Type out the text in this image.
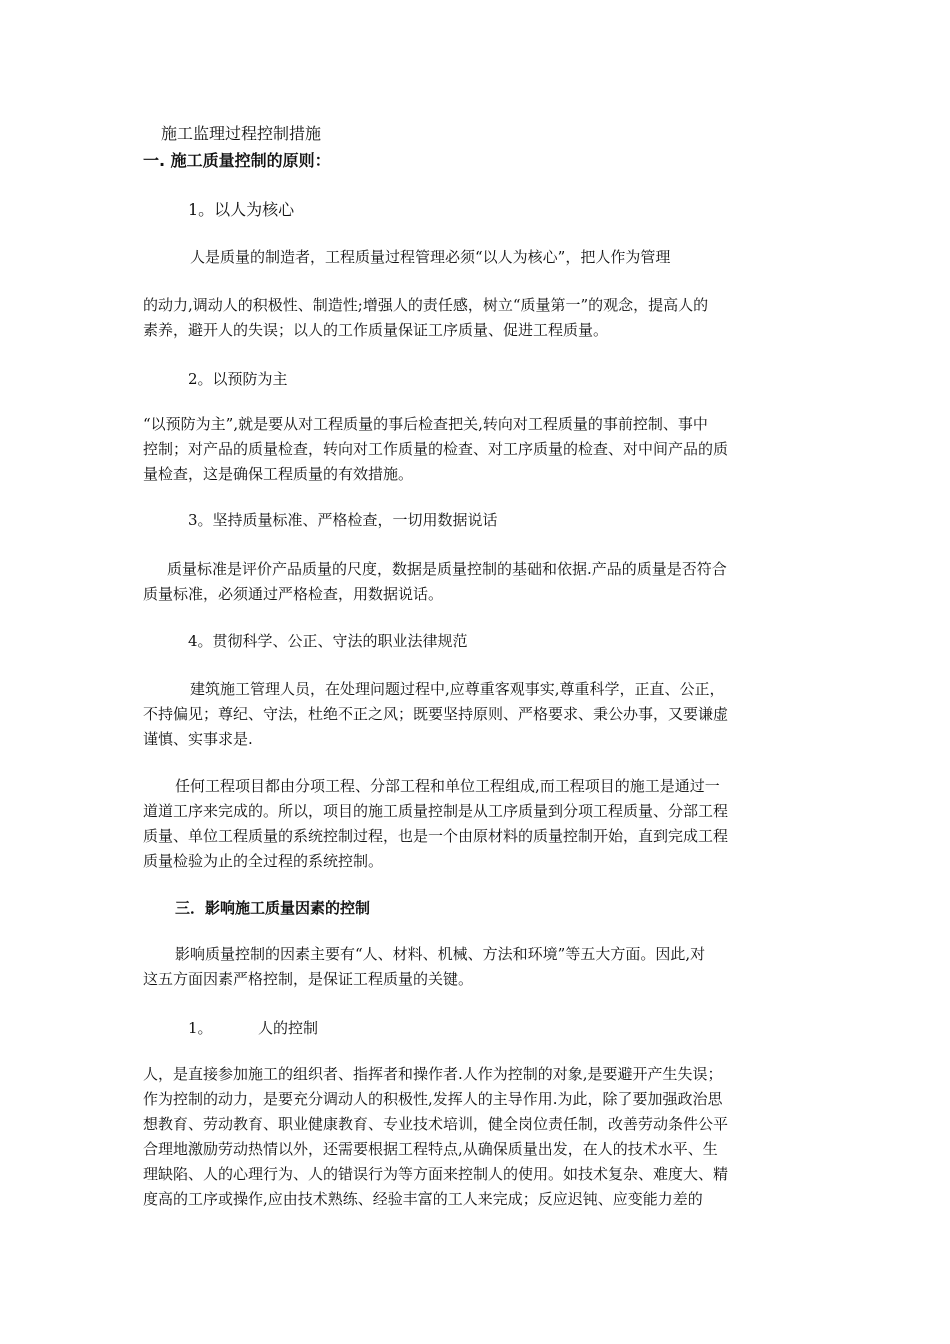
施工监理过程控制措施
一. 施工质量控制的原则：
1。以人为核心
人是质量的制造者，工程质量过程管理必须“以人为核心”，把人作为管理
的动力,调动人的积极性、制造性;增强人的责任感，树立“质量第一”的观念，提高人的
素养，避开人的失误；以人的工作质量保证工序质量、促进工程质量。
2。以预防为主
“以预防为主”,就是要从对工程质量的事后检查把关,转向对工程质量的事前控制、事中
控制；对产品的质量检查，转向对工作质量的检查、对工序质量的检查、对中间产品的质
量检查，这是确保工程质量的有效措施。
3。坚持质量标准、严格检查，一切用数据说话
质量标准是评价产品质量的尺度，数据是质量控制的基础和依据.产品的质量是否符合
质量标准，必须通过严格检查，用数据说话。
4。贯彻科学、公正、守法的职业法律规范
建筑施工管理人员，在处理问题过程中,应尊重客观事实,尊重科学，正直、公正，
不持偏见；尊纪、守法，杜绝不正之风；既要坚持原则、严格要求、秉公办事，又要谦虚
谨慎、实事求是.
任何工程项目都由分项工程、分部工程和单位工程组成,而工程项目的施工是通过一
道道工序来完成的。所以，项目的施工质量控制是从工序质量到分项工程质量、分部工程
质量、单位工程质量的系统控制过程，也是一个由原材料的质量控制开始，直到完成工程
质量检验为止的全过程的系统控制。
三．影响施工质量因素的控制
影响质量控制的因素主要有“人、材料、机械、方法和环境”等五大方面。因此,对
这五方面因素严格控制，是保证工程质量的关键。
1。	人的控制
人，是直接参加施工的组织者、指挥者和操作者.人作为控制的对象,是要避开产生失误；
作为控制的动力，是要充分调动人的积极性,发挥人的主导作用.为此，除了要加强政治思
想教育、劳动教育、职业健康教育、专业技术培训，健全岗位责任制，改善劳动条件公平
合理地激励劳动热情以外，还需要根据工程特点,从确保质量出发，在人的技术水平、生
理缺陷、人的心理行为、人的错误行为等方面来控制人的使用。如技术复杂、难度大、精
度高的工序或操作,应由技术熟练、经验丰富的工人来完成；反应迟钝、应变能力差的
